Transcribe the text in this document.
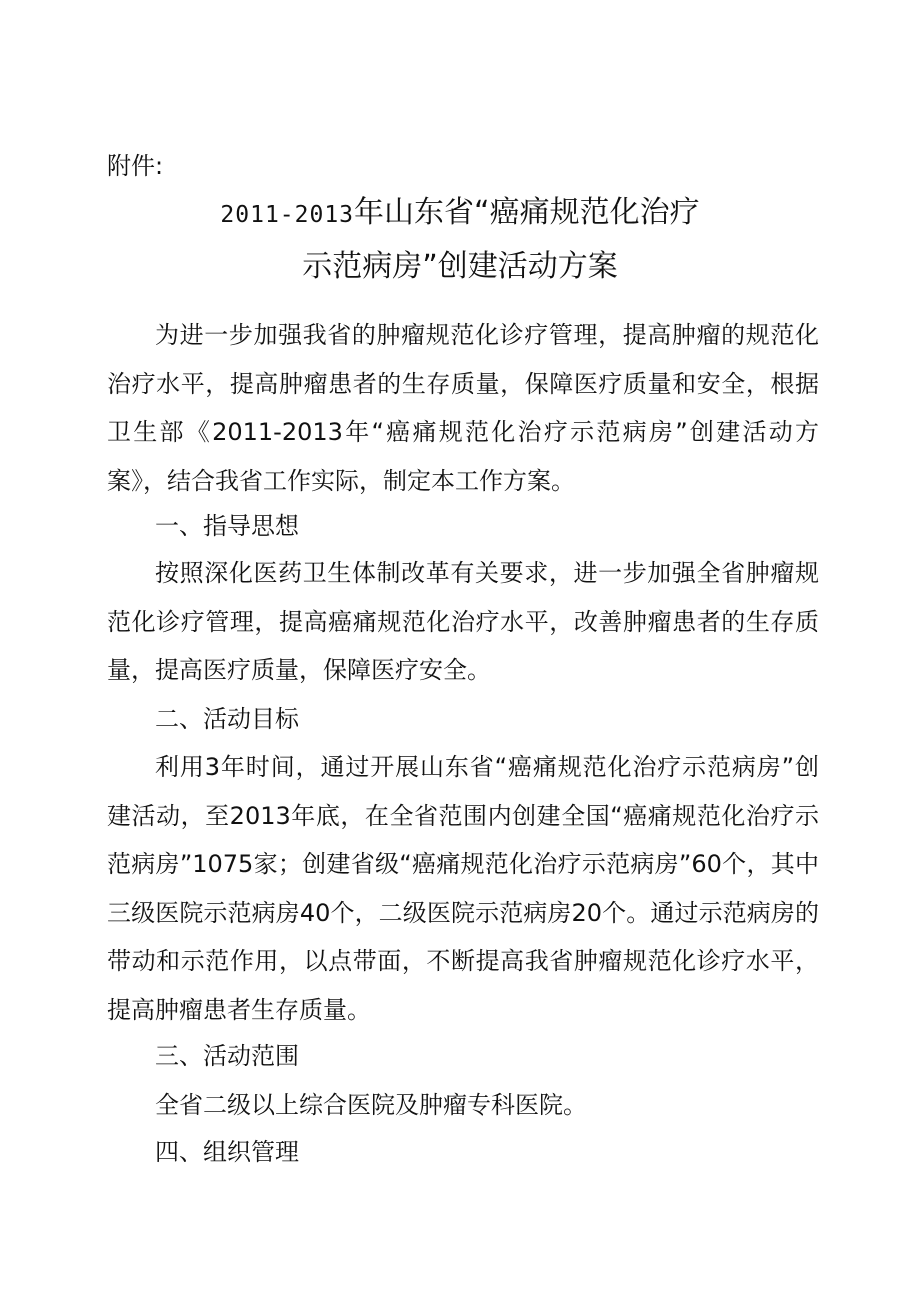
附件:
2011-2013年山东省“癌痛规范化治疗
示范病房”创建活动方案
为进一步加强我省的肿瘤规范化诊疗管理，提高肿瘤的规范化治疗水平，提高肿瘤患者的生存质量，保障医疗质量和安全，根据卫生部《2011-2013年“癌痛规范化治疗示范病房”创建活动方案》，结合我省工作实际，制定本工作方案。
一、指导思想
按照深化医药卫生体制改革有关要求，进一步加强全省肿瘤规范化诊疗管理，提高癌痛规范化治疗水平，改善肿瘤患者的生存质量，提高医疗质量，保障医疗安全。
二、活动目标
利用3年时间，通过开展山东省“癌痛规范化治疗示范病房”创建活动，至2013年底，在全省范围内创建全国“癌痛规范化治疗示范病房”1075家；创建省级“癌痛规范化治疗示范病房”60个，其中三级医院示范病房40个，二级医院示范病房20个。通过示范病房的带动和示范作用，以点带面，不断提高我省肿瘤规范化诊疗水平，提高肿瘤患者生存质量。
三、活动范围
全省二级以上综合医院及肿瘤专科医院。
四、组织管理
